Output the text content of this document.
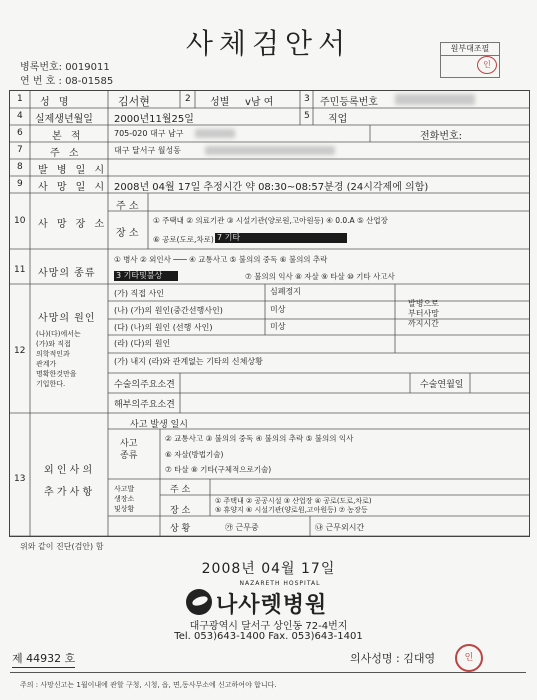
사체검안서
병록번호: 0019011
연 번 호 : 08-01585
원부대조필
인
1 성 명	김서현	2 성별 v남 여	3 주민등록번호
4 실제생년월일 2000년11월25일	5 직업
6	본 적	705-020 대구 남구	전화번호:
7	주 소	대구 달서구 월성동
8 발 병 일 시
9 사 망 일 시 2008년 04월 17일 추정시간 약 08:30~08:57분경 (24시각제에 의함)
10 사 망 장 소
주 소
장 소
① 주택내 ② 의료기관 ③ 시설기관(양로원,고아원등) ④ 0.0.A ⑤ 산업장
⑥ 공로(도로,차로) 7 기타
11 사망의 종류
① 병사 ② 외인사 ─── ④ 교통사고 ⑤ 불의의 중독 ⑥ 불의의 추락
3 기타및불상	⑦ 불의의 익사 ⑧ 자살 ⑨ 타살 ⑩ 기타 사고사
12
사망의 원인
(나)(다)에서는
(가)와 직접
의학적인과
관계가
명확한것만을
기입한다.
(가) 직접 사인	심폐정지
(나) (가)의 원인(중간선행사인)	미상
(다) (나)의 원인 (선행 사인)	미상
(라) (다)의 원인
(가) 내지 (라)와 관계없는 기타의 신체상황
발병으로
부터사망
까지시간
수술의주요소견	수술연월일
해부의주요소견
13
외 인 사 의
추 가 사 항
사고 발생 일시
사고
종류
② 교통사고 ③ 불의의 중독 ④ 불의의 추락 ⑤ 불의의 익사
⑥ 자살(방법기술)
⑦ 타살 ⑧ 기타(구체적으로기술)
사고발
생장소
및상황
주 소
장 소
① 주택내 ② 공공시설 ③ 산업장 ④ 공로(도로,차로)
⑤ 휴양지 ⑥ 시설기관(양로원,고아원등) ⑦ 농장등
상 황	㉮ 근무중	㉯ 근무외시간
위와 같이 진단(검안) 함
2008년 04월 17일
NAZARETH HOSPITAL
나사렛병원
대구광역시 달서구 상인동 72-4번지
Tel. 053)643-1400 Fax. 053)643-1401
제 44932 호	의사성명 : 김대영	인
주의 : 사망신고는 1월이내에 관할 구청, 시청, 읍, 면,동사무소에 신고하여야 합니다.
